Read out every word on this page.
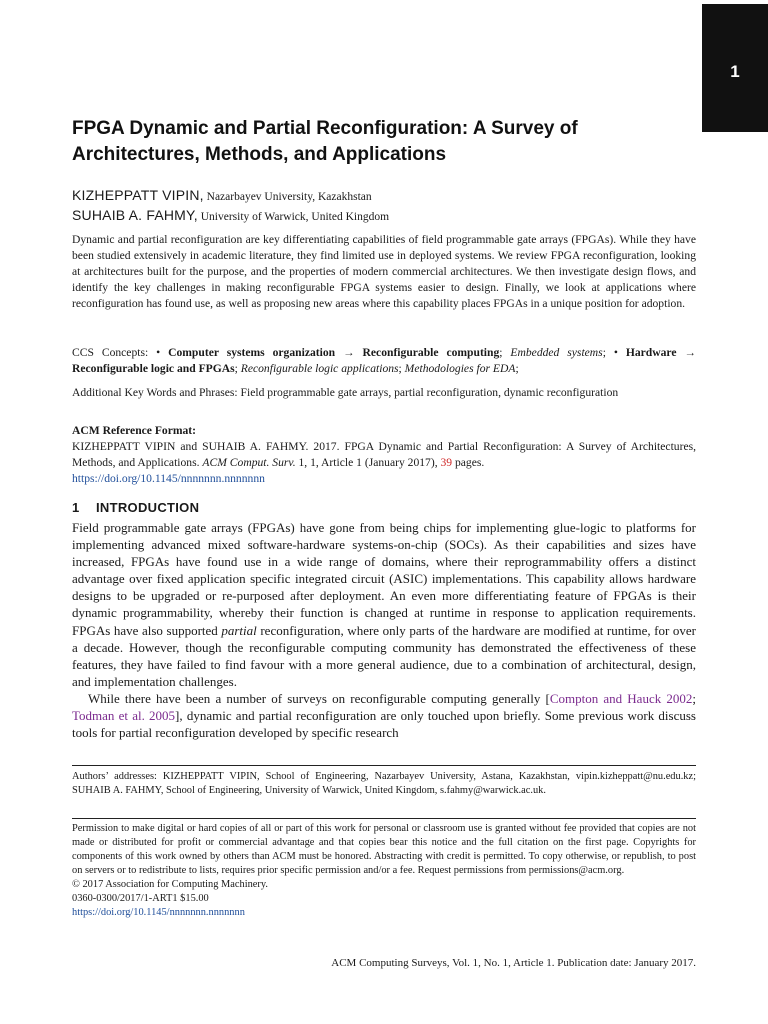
1
FPGA Dynamic and Partial Reconfiguration: A Survey of Architectures, Methods, and Applications
KIZHEPPATT VIPIN, Nazarbayev University, Kazakhstan
SUHAIB A. FAHMY, University of Warwick, United Kingdom
Dynamic and partial reconfiguration are key differentiating capabilities of field programmable gate arrays (FPGAs). While they have been studied extensively in academic literature, they find limited use in deployed systems. We review FPGA reconfiguration, looking at architectures built for the purpose, and the properties of modern commercial architectures. We then investigate design flows, and identify the key challenges in making reconfigurable FPGA systems easier to design. Finally, we look at applications where reconfiguration has found use, as well as proposing new areas where this capability places FPGAs in a unique position for adoption.
CCS Concepts: • Computer systems organization → Reconfigurable computing; Embedded systems; • Hardware → Reconfigurable logic and FPGAs; Reconfigurable logic applications; Methodologies for EDA;
Additional Key Words and Phrases: Field programmable gate arrays, partial reconfiguration, dynamic reconfiguration
ACM Reference Format:
KIZHEPPATT VIPIN and SUHAIB A. FAHMY. 2017. FPGA Dynamic and Partial Reconfiguration: A Survey of Architectures, Methods, and Applications. ACM Comput. Surv. 1, 1, Article 1 (January 2017), 39 pages.
https://doi.org/10.1145/nnnnnnn.nnnnnnn
1 INTRODUCTION

Field programmable gate arrays (FPGAs) have gone from being chips for implementing glue-logic to platforms for implementing advanced mixed software-hardware systems-on-chip (SOCs). As their capabilities and sizes have increased, FPGAs have found use in a wide range of domains, where their reprogrammability offers a distinct advantage over fixed application specific integrated circuit (ASIC) implementations. This capability allows hardware designs to be upgraded or re-purposed after deployment. An even more differentiating feature of FPGAs is their dynamic programmability, whereby their function is changed at runtime in response to application requirements. FPGAs have also supported partial reconfiguration, where only parts of the hardware are modified at runtime, for over a decade. However, though the reconfigurable computing community has demonstrated the effectiveness of these features, they have failed to find favour with a more general audience, due to a combination of architectural, design, and implementation challenges.

While there have been a number of surveys on reconfigurable computing generally [Compton and Hauck 2002; Todman et al. 2005], dynamic and partial reconfiguration are only touched upon briefly. Some previous work discuss tools for partial reconfiguration developed by specific research

Authors’ addresses: KIZHEPPATT VIPIN, School of Engineering, Nazarbayev University, Astana, Kazakhstan, vipin.kizheppatt@nu.edu.kz; SUHAIB A. FAHMY, School of Engineering, University of Warwick, United Kingdom, s.fahmy@warwick.ac.uk.
Permission to make digital or hard copies of all or part of this work for personal or classroom use is granted without fee provided that copies are not made or distributed for profit or commercial advantage and that copies bear this notice and the full citation on the first page. Copyrights for components of this work owned by others than ACM must be honored. Abstracting with credit is permitted. To copy otherwise, or republish, to post on servers or to redistribute to lists, requires prior specific permission and/or a fee. Request permissions from permissions@acm.org.
© 2017 Association for Computing Machinery.
0360-0300/2017/1-ART1 $15.00
https://doi.org/10.1145/nnnnnnn.nnnnnnn
ACM Computing Surveys, Vol. 1, No. 1, Article 1. Publication date: January 2017.
